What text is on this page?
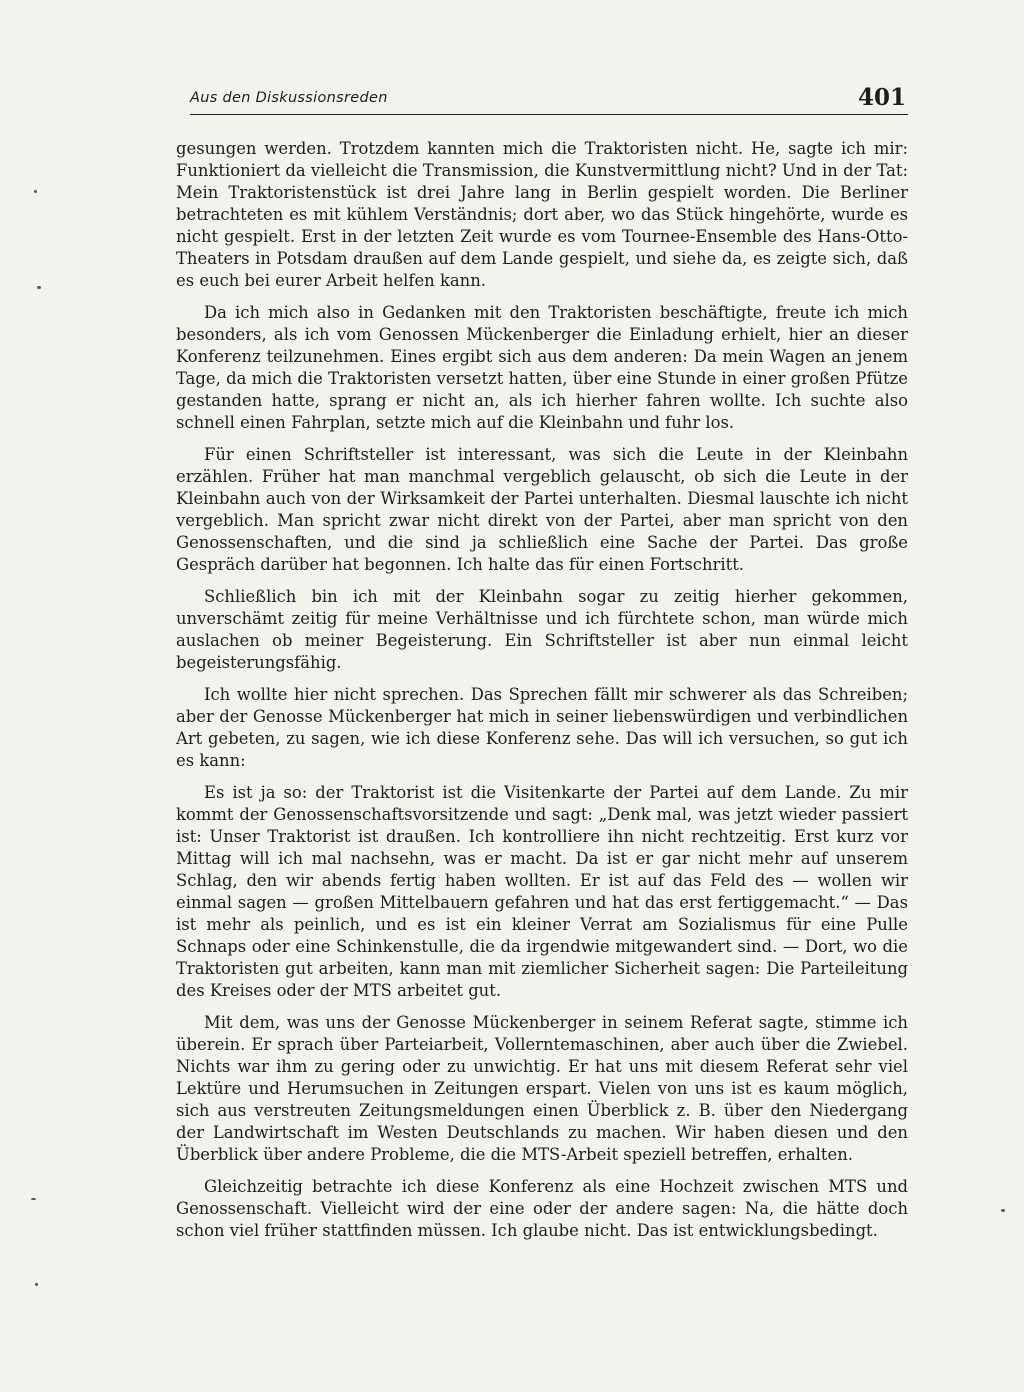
Aus den Diskussionsreden	401

gesungen werden. Trotzdem kannten mich die Traktoristen nicht. He, sagte ich mir: Funktioniert da vielleicht die Transmission, die Kunstvermittlung nicht? Und in der Tat: Mein Traktoristenstück ist drei Jahre lang in Berlin gespielt worden. Die Berliner betrachteten es mit kühlem Verständnis; dort aber, wo das Stück hingehörte, wurde es nicht gespielt. Erst in der letzten Zeit wurde es vom Tournee-Ensemble des Hans-Otto-Theaters in Potsdam draußen auf dem Lande gespielt, und siehe da, es zeigte sich, daß es euch bei eurer Arbeit helfen kann.

Da ich mich also in Gedanken mit den Traktoristen beschäftigte, freute ich mich besonders, als ich vom Genossen Mückenberger die Einladung erhielt, hier an dieser Konferenz teilzunehmen. Eines ergibt sich aus dem anderen: Da mein Wagen an jenem Tage, da mich die Traktoristen versetzt hatten, über eine Stunde in einer großen Pfütze gestanden hatte, sprang er nicht an, als ich hierher fahren wollte. Ich suchte also schnell einen Fahrplan, setzte mich auf die Kleinbahn und fuhr los.

Für einen Schriftsteller ist interessant, was sich die Leute in der Kleinbahn erzählen. Früher hat man manchmal vergeblich gelauscht, ob sich die Leute in der Kleinbahn auch von der Wirksamkeit der Partei unterhalten. Diesmal lauschte ich nicht vergeblich. Man spricht zwar nicht direkt von der Partei, aber man spricht von den Genossenschaften, und die sind ja schließlich eine Sache der Partei. Das große Gespräch darüber hat begonnen. Ich halte das für einen Fortschritt.

Schließlich bin ich mit der Kleinbahn sogar zu zeitig hierher gekommen, unverschämt zeitig für meine Verhältnisse und ich fürchtete schon, man würde mich auslachen ob meiner Begeisterung. Ein Schriftsteller ist aber nun einmal leicht begeisterungsfähig.

Ich wollte hier nicht sprechen. Das Sprechen fällt mir schwerer als das Schreiben; aber der Genosse Mückenberger hat mich in seiner liebenswürdigen und verbindlichen Art gebeten, zu sagen, wie ich diese Konferenz sehe. Das will ich versuchen, so gut ich es kann:

Es ist ja so: der Traktorist ist die Visitenkarte der Partei auf dem Lande. Zu mir kommt der Genossenschaftsvorsitzende und sagt: „Denk mal, was jetzt wieder passiert ist: Unser Traktorist ist draußen. Ich kontrolliere ihn nicht rechtzeitig. Erst kurz vor Mittag will ich mal nachsehn, was er macht. Da ist er gar nicht mehr auf unserem Schlag, den wir abends fertig haben wollten. Er ist auf das Feld des — wollen wir einmal sagen — großen Mittelbauern gefahren und hat das erst fertiggemacht.“ — Das ist mehr als peinlich, und es ist ein kleiner Verrat am Sozialismus für eine Pulle Schnaps oder eine Schinkenstulle, die da irgendwie mitgewandert sind. — Dort, wo die Traktoristen gut arbeiten, kann man mit ziemlicher Sicherheit sagen: Die Parteileitung des Kreises oder der MTS arbeitet gut.

Mit dem, was uns der Genosse Mückenberger in seinem Referat sagte, stimme ich überein. Er sprach über Parteiarbeit, Vollerntemaschinen, aber auch über die Zwiebel. Nichts war ihm zu gering oder zu unwichtig. Er hat uns mit diesem Referat sehr viel Lektüre und Herumsuchen in Zeitungen erspart. Vielen von uns ist es kaum möglich, sich aus verstreuten Zeitungsmeldungen einen Überblick z. B. über den Niedergang der Landwirtschaft im Westen Deutschlands zu machen. Wir haben diesen und den Überblick über andere Probleme, die die MTS-Arbeit speziell betreffen, erhalten.

Gleichzeitig betrachte ich diese Konferenz als eine Hochzeit zwischen MTS und Genossenschaft. Vielleicht wird der eine oder der andere sagen: Na, die hätte doch schon viel früher stattfinden müssen. Ich glaube nicht. Das ist entwicklungsbedingt.
